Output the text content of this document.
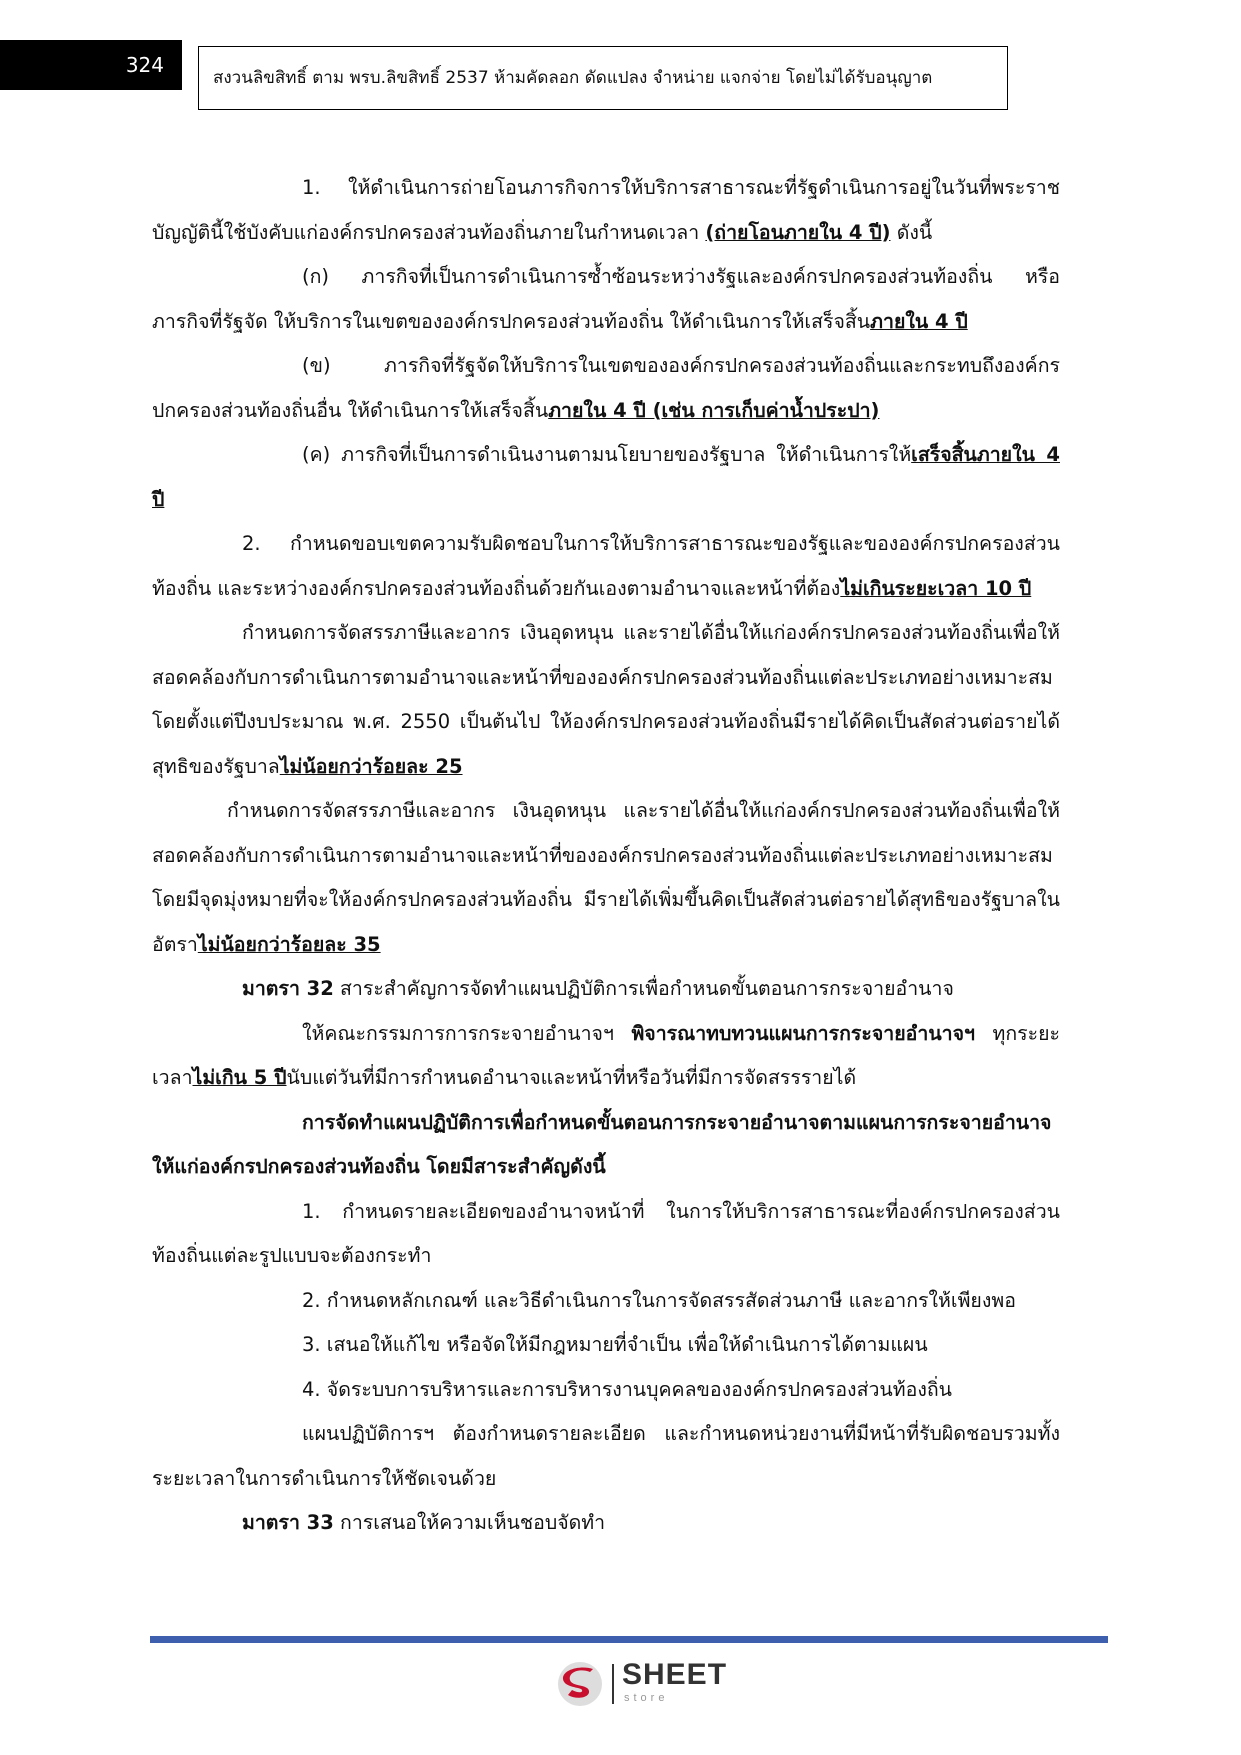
324
สงวนลิขสิทธิ์ ตาม พรบ.ลิขสิทธิ์ 2537 ห้ามคัดลอก ดัดแปลง จำหน่าย แจกจ่าย โดยไม่ได้รับอนุญาต

1. ให้ดำเนินการถ่ายโอนภารกิจการให้บริการสาธารณะที่รัฐดำเนินการอยู่ในวันที่พระราชบัญญัตินี้ใช้บังคับแก่องค์กรปกครองส่วนท้องถิ่นภายในกำหนดเวลา (ถ่ายโอนภายใน 4 ปี) ดังนี้

(ก) ภารกิจที่เป็นการดำเนินการซ้ำซ้อนระหว่างรัฐและองค์กรปกครองส่วนท้องถิ่น หรือภารกิจที่รัฐจัด ให้บริการในเขตขององค์กรปกครองส่วนท้องถิ่น ให้ดำเนินการให้เสร็จสิ้นภายใน 4 ปี

(ข) ภารกิจที่รัฐจัดให้บริการในเขตขององค์กรปกครองส่วนท้องถิ่นและกระทบถึงองค์กรปกครองส่วนท้องถิ่นอื่น ให้ดำเนินการให้เสร็จสิ้นภายใน 4 ปี (เช่น การเก็บค่าน้ำประปา)

(ค) ภารกิจที่เป็นการดำเนินงานตามนโยบายของรัฐบาล ให้ดำเนินการให้เสร็จสิ้นภายใน 4 ปี

2. กำหนดขอบเขตความรับผิดชอบในการให้บริการสาธารณะของรัฐและขององค์กรปกครองส่วนท้องถิ่น และระหว่างองค์กรปกครองส่วนท้องถิ่นด้วยกันเองตามอำนาจและหน้าที่ต้องไม่เกินระยะเวลา 10 ปี

กำหนดการจัดสรรภาษีและอากร เงินอุดหนุน และรายได้อื่นให้แก่องค์กรปกครองส่วนท้องถิ่นเพื่อให้สอดคล้องกับการดำเนินการตามอำนาจและหน้าที่ขององค์กรปกครองส่วนท้องถิ่นแต่ละประเภทอย่างเหมาะสม โดยตั้งแต่ปีงบประมาณ พ.ศ. 2550 เป็นต้นไป ให้องค์กรปกครองส่วนท้องถิ่นมีรายได้คิดเป็นสัดส่วนต่อรายได้สุทธิของรัฐบาลไม่น้อยกว่าร้อยละ 25

กำหนดการจัดสรรภาษีและอากร เงินอุดหนุน และรายได้อื่นให้แก่องค์กรปกครองส่วนท้องถิ่นเพื่อให้สอดคล้องกับการดำเนินการตามอำนาจและหน้าที่ขององค์กรปกครองส่วนท้องถิ่นแต่ละประเภทอย่างเหมาะสม โดยมีจุดมุ่งหมายที่จะให้องค์กรปกครองส่วนท้องถิ่น มีรายได้เพิ่มขึ้นคิดเป็นสัดส่วนต่อรายได้สุทธิของรัฐบาลในอัตราไม่น้อยกว่าร้อยละ 35

มาตรา 32 สาระสำคัญการจัดทำแผนปฏิบัติการเพื่อกำหนดขั้นตอนการกระจายอำนาจ

ให้คณะกรรมการการกระจายอำนาจฯ พิจารณาทบทวนแผนการกระจายอำนาจฯ ทุกระยะเวลาไม่เกิน 5 ปีนับแต่วันที่มีการกำหนดอำนาจและหน้าที่หรือวันที่มีการจัดสรรรายได้

การจัดทำแผนปฏิบัติการเพื่อกำหนดขั้นตอนการกระจายอำนาจตามแผนการกระจายอำนาจให้แก่องค์กรปกครองส่วนท้องถิ่น โดยมีสาระสำคัญดังนี้

1. กำหนดรายละเอียดของอำนาจหน้าที่ ในการให้บริการสาธารณะที่องค์กรปกครองส่วนท้องถิ่นแต่ละรูปแบบจะต้องกระทำ

2. กำหนดหลักเกณฑ์ และวิธีดำเนินการในการจัดสรรสัดส่วนภาษี และอากรให้เพียงพอ

3. เสนอให้แก้ไข หรือจัดให้มีกฎหมายที่จำเป็น เพื่อให้ดำเนินการได้ตามแผน

4. จัดระบบการบริหารและการบริหารงานบุคคลขององค์กรปกครองส่วนท้องถิ่น

แผนปฏิบัติการฯ ต้องกำหนดรายละเอียด และกำหนดหน่วยงานที่มีหน้าที่รับผิดชอบรวมทั้งระยะเวลาในการดำเนินการให้ชัดเจนด้วย

มาตรา 33 การเสนอให้ความเห็นชอบจัดทำ

SHEET
store
